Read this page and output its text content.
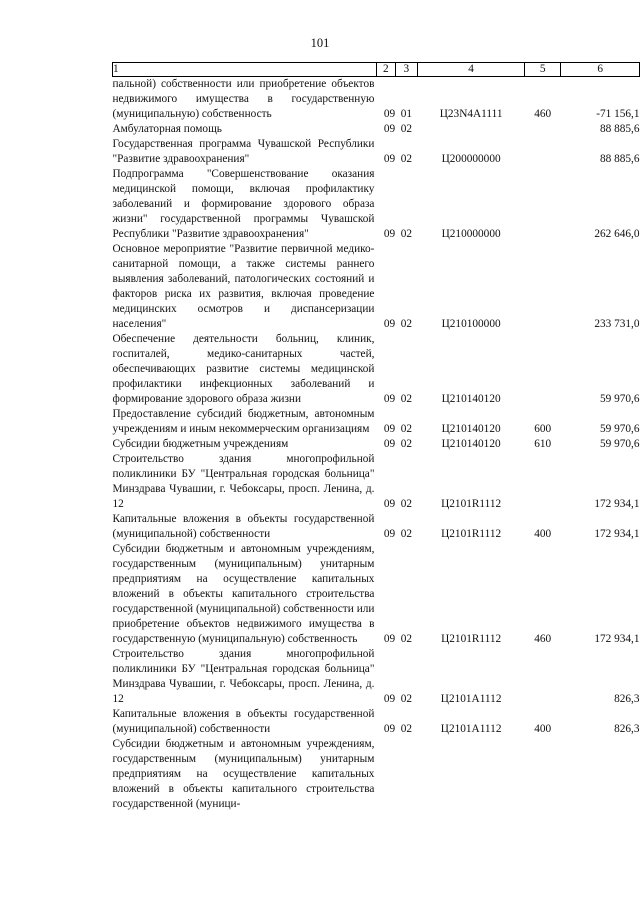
101
1	2	3	4	5	6
пальной) собственности или приобретение объектов недвижимого имущества в государственную (муниципальную) собственность	09	01	Ц23N4A1111	460	-71 156,1
Амбулаторная помощь	09	02			88 885,6
Государственная программа Чувашской Республики "Развитие здравоохранения"	09	02	Ц200000000		88 885,6
Подпрограмма "Совершенствование оказания медицинской помощи, включая профилактику заболеваний и формирование здорового образа жизни" государственной программы Чувашской Республики "Развитие здравоохранения"	09	02	Ц210000000		262 646,0
Основное мероприятие "Развитие первичной медико-санитарной помощи, а также системы раннего выявления заболеваний, патологических состояний и факторов риска их развития, включая проведение медицинских осмотров и диспансеризации населения"	09	02	Ц210100000		233 731,0
Обеспечение деятельности больниц, клиник, госпиталей, медико-санитарных частей, обеспечивающих развитие системы медицинской профилактики инфекционных заболеваний и формирование здорового образа жизни	09	02	Ц210140120		59 970,6
Предоставление субсидий бюджетным, автономным учреждениям и иным некоммерческим организациям	09	02	Ц210140120	600	59 970,6
Субсидии бюджетным учреждениям	09	02	Ц210140120	610	59 970,6
Строительство здания многопрофильной поликлиники БУ "Центральная городская больница" Минздрава Чувашии, г. Чебоксары, просп. Ленина, д. 12	09	02	Ц2101R1112		172 934,1
Капитальные вложения в объекты государственной (муниципальной) собственности	09	02	Ц2101R1112	400	172 934,1
Субсидии бюджетным и автономным учреждениям, государственным (муниципальным) унитарным предприятиям на осуществление капитальных вложений в объекты капитального строительства государственной (муниципальной) собственности или приобретение объектов недвижимого имущества в государственную (муниципальную) собственность	09	02	Ц2101R1112	460	172 934,1
Строительство здания многопрофильной поликлиники БУ "Центральная городская больница" Минздрава Чувашии, г. Чебоксары, просп. Ленина, д. 12	09	02	Ц2101А1112		826,3
Капитальные вложения в объекты государственной (муниципальной) собственности	09	02	Ц2101А1112	400	826,3
Субсидии бюджетным и автономным учреждениям, государственным (муниципальным) унитарным предприятиям на осуществление капитальных вложений в объекты капитального строительства государственной (муници-					
